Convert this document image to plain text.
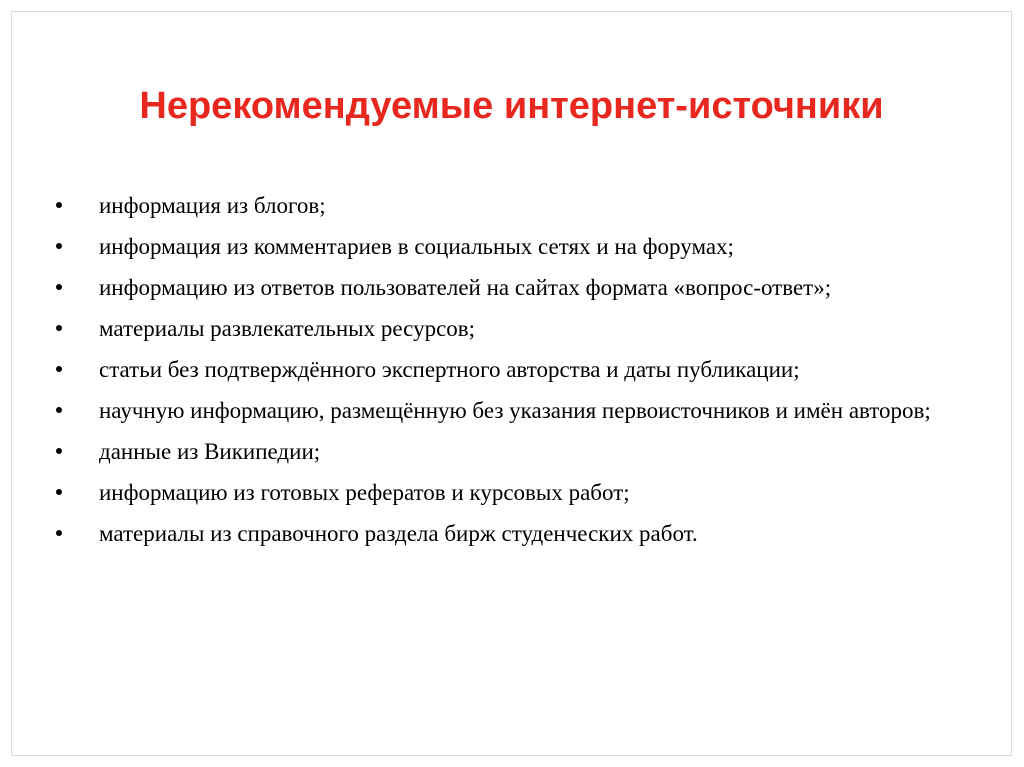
Нерекомендуемые интернет-источники
информация из блогов;
информация из комментариев в социальных сетях и на форумах;
информацию из ответов пользователей на сайтах формата «вопрос-ответ»;
материалы развлекательных ресурсов;
статьи без подтверждённого экспертного авторства и даты публикации;
научную информацию, размещённую без указания первоисточников и имён авторов;
данные из Википедии;
информацию из готовых рефератов и курсовых работ;
материалы из справочного раздела бирж студенческих работ.
